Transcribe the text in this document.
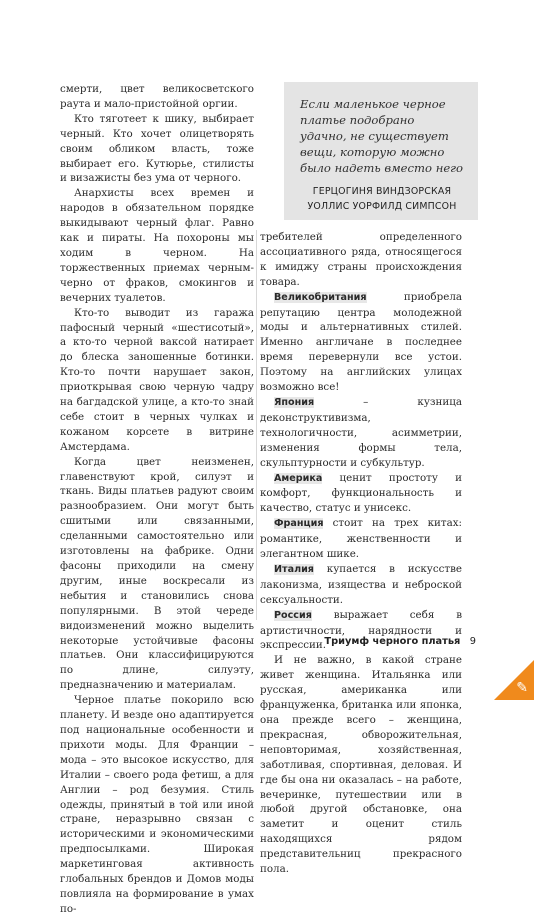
смерти, цвет великосветского раута и мало-пристойной оргии.

Кто тяготеет к шику, выбирает черный. Кто хочет олицетворять своим обликом власть, тоже выбирает его. Кутюрье, стилисты и визажисты без ума от черного.

Анархисты всех времен и народов в обязательном порядке выкидывают черный флаг. Равно как и пираты. На похороны мы ходим в черном. На торжественных приемах черным-черно от фраков, смокингов и вечерних туалетов.

Кто-то выводит из гаража пафосный черный «шестисотый», а кто-то черной ваксой натирает до блеска заношенные ботинки. Кто-то почти нарушает закон, приоткрывая свою черную чадру на багдадской улице, а кто-то знай себе стоит в черных чулках и кожаном корсете в витрине Амстердама.

Когда цвет неизменен, главенствуют крой, силуэт и ткань. Виды платьев радуют своим разнообразием. Они могут быть сшитыми или связанными, сделанными самостоятельно или изготовлены на фабрике. Одни фасоны приходили на смену другим, иные воскресали из небытия и становились снова популярными. В этой череде видоизменений можно выделить некоторые устойчивые фасоны платьев. Они классифицируются по длине, силуэту, предназначению и материалам.

Черное платье покорило всю планету. И везде оно адаптируется под национальные особенности и прихоти моды. Для Франции – мода – это высокое искусство, для Италии – своего рода фетиш, а для Англии – род безумия. Стиль одежды, принятый в той или иной стране, неразрывно связан с историческими и экономическими предпосылками. Широкая маркетинговая активность глобальных брендов и Домов моды повлияла на формирование в умах по-

Если маленькое черное платье подобрано удачно, не существует вещи, которую можно было надеть вместо него

ГЕРЦОГИНЯ ВИНДЗОРСКАЯ
УОЛЛИС УОРФИЛД СИМПСОН

требителей определенного ассоциативного ряда, относящегося к имиджу страны происхождения товара.

Великобритания приобрела репутацию центра молодежной моды и альтернативных стилей. Именно англичане в последнее время перевернули все устои. Поэтому на английских улицах возможно все!

Япония – кузница деконструктивизма, технологичности, асимметрии, изменения формы тела, скульптурности и субкультур.

Америка ценит простоту и комфорт, функциональность и качество, статус и унисекс.

Франция стоит на трех китах: романтике, женственности и элегантном шике.

Италия купается в искусстве лаконизма, изящества и неброской сексуальности.

Россия выражает себя в артистичности, нарядности и экспрессии.

И не важно, в какой стране живет женщина. Итальянка или русская, американка или француженка, британка или японка, она прежде всего – женщина, прекрасная, обворожительная, неповторимая, хозяйственная, заботливая, спортивная, деловая. И где бы она ни оказалась – на работе, вечеринке, путешествии или в любой другой обстановке, она заметит и оценит стиль находящихся рядом представительниц прекрасного пола.

Триумф черного платья 9
✎
